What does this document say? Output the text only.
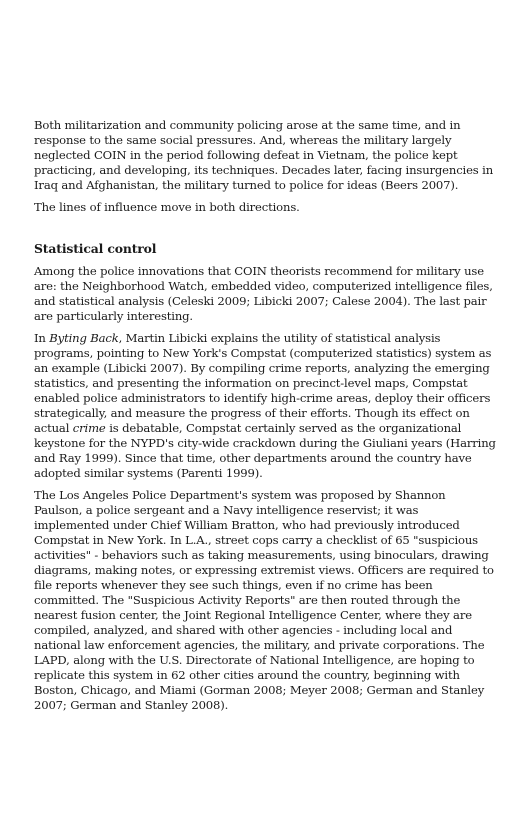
Both militarization and community policing arose at the same time, and in response to the same social pressures. And, whereas the military largely neglected COIN in the period following defeat in Vietnam, the police kept practicing, and developing, its techniques. Decades later, facing insurgencies in Iraq and Afghanistan, the military turned to police for ideas (Beers 2007).

The lines of influence move in both directions.

Statistical control

Among the police innovations that COIN theorists recommend for military use are: the Neighborhood Watch, embedded video, computerized intelligence files, and statistical analysis (Celeski 2009; Libicki 2007; Calese 2004). The last pair are particularly interesting.

In Byting Back, Martin Libicki explains the utility of statistical analysis programs, pointing to New York's Compstat (computerized statistics) system as an example (Libicki 2007). By compiling crime reports, analyzing the emerging statistics, and presenting the information on precinct-level maps, Compstat enabled police administrators to identify high-crime areas, deploy their officers strategically, and measure the progress of their efforts. Though its effect on actual crime is debatable, Compstat certainly served as the organizational keystone for the NYPD's city-wide crackdown during the Giuliani years (Harring and Ray 1999). Since that time, other departments around the country have adopted similar systems (Parenti 1999).

The Los Angeles Police Department's system was proposed by Shannon Paulson, a police sergeant and a Navy intelligence reservist; it was implemented under Chief William Bratton, who had previously introduced Compstat in New York. In L.A., street cops carry a checklist of 65 "suspicious activities" - behaviors such as taking measurements, using binoculars, drawing diagrams, making notes, or expressing extremist views. Officers are required to file reports whenever they see such things, even if no crime has been committed. The "Suspicious Activity Reports" are then routed through the nearest fusion center, the Joint Regional Intelligence Center, where they are compiled, analyzed, and shared with other agencies - including local and national law enforcement agencies, the military, and private corporations. The LAPD, along with the U.S. Directorate of National Intelligence, are hoping to replicate this system in 62 other cities around the country, beginning with Boston, Chicago, and Miami (Gorman 2008; Meyer 2008; German and Stanley 2007; German and Stanley 2008).
